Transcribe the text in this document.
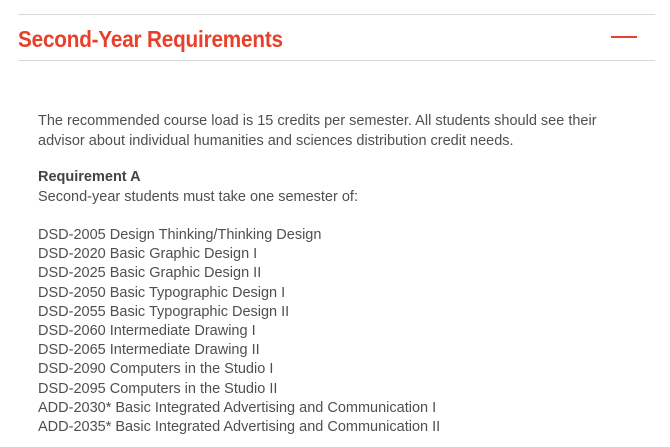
Second-Year Requirements

The recommended course load is 15 credits per semester. All students should see their advisor about individual humanities and sciences distribution credit needs.

Requirement A

Second-year students must take one semester of:

DSD-2005 Design Thinking/Thinking Design
DSD-2020 Basic Graphic Design I
DSD-2025 Basic Graphic Design II
DSD-2050 Basic Typographic Design I
DSD-2055 Basic Typographic Design II
DSD-2060 Intermediate Drawing I
DSD-2065 Intermediate Drawing II
DSD-2090 Computers in the Studio I
DSD-2095 Computers in the Studio II
ADD-2030* Basic Integrated Advertising and Communication I
ADD-2035* Basic Integrated Advertising and Communication II
